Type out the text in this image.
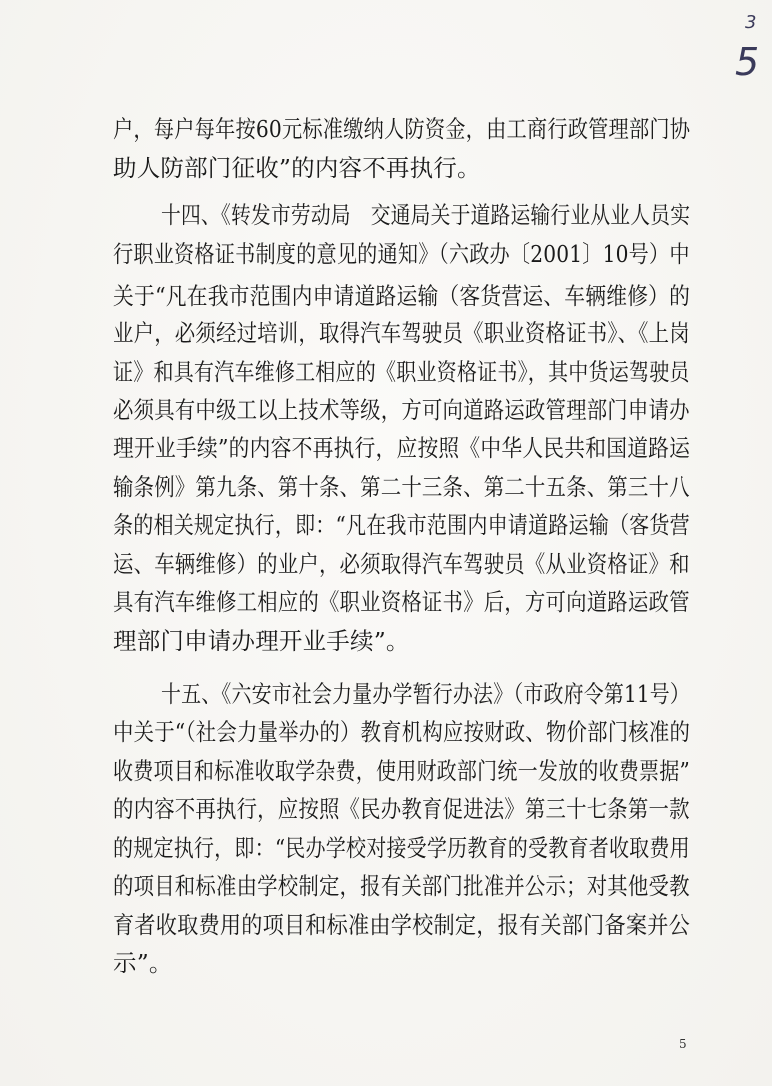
3
5
户，每户每年按60元标准缴纳人防资金，由工商行政管理部门协
助人防部门征收”的内容不再执行。
十四、《转发市劳动局　交通局关于道路运输行业从业人员实
行职业资格证书制度的意见的通知》（六政办〔2001〕10号）中
关于“凡在我市范围内申请道路运输（客货营运、车辆维修）的
业户，必须经过培训，取得汽车驾驶员《职业资格证书》、《上岗
证》和具有汽车维修工相应的《职业资格证书》，其中货运驾驶员
必须具有中级工以上技术等级，方可向道路运政管理部门申请办
理开业手续”的内容不再执行，应按照《中华人民共和国道路运
输条例》第九条、第十条、第二十三条、第二十五条、第三十八
条的相关规定执行，即：“凡在我市范围内申请道路运输（客货营
运、车辆维修）的业户，必须取得汽车驾驶员《从业资格证》和
具有汽车维修工相应的《职业资格证书》后，方可向道路运政管
理部门申请办理开业手续”。
十五、《六安市社会力量办学暂行办法》（市政府令第11号）
中关于“（社会力量举办的）教育机构应按财政、物价部门核准的
收费项目和标准收取学杂费，使用财政部门统一发放的收费票据”
的内容不再执行，应按照《民办教育促进法》第三十七条第一款
的规定执行，即：“民办学校对接受学历教育的受教育者收取费用
的项目和标准由学校制定，报有关部门批准并公示；对其他受教
育者收取费用的项目和标准由学校制定，报有关部门备案并公
示”。
5
